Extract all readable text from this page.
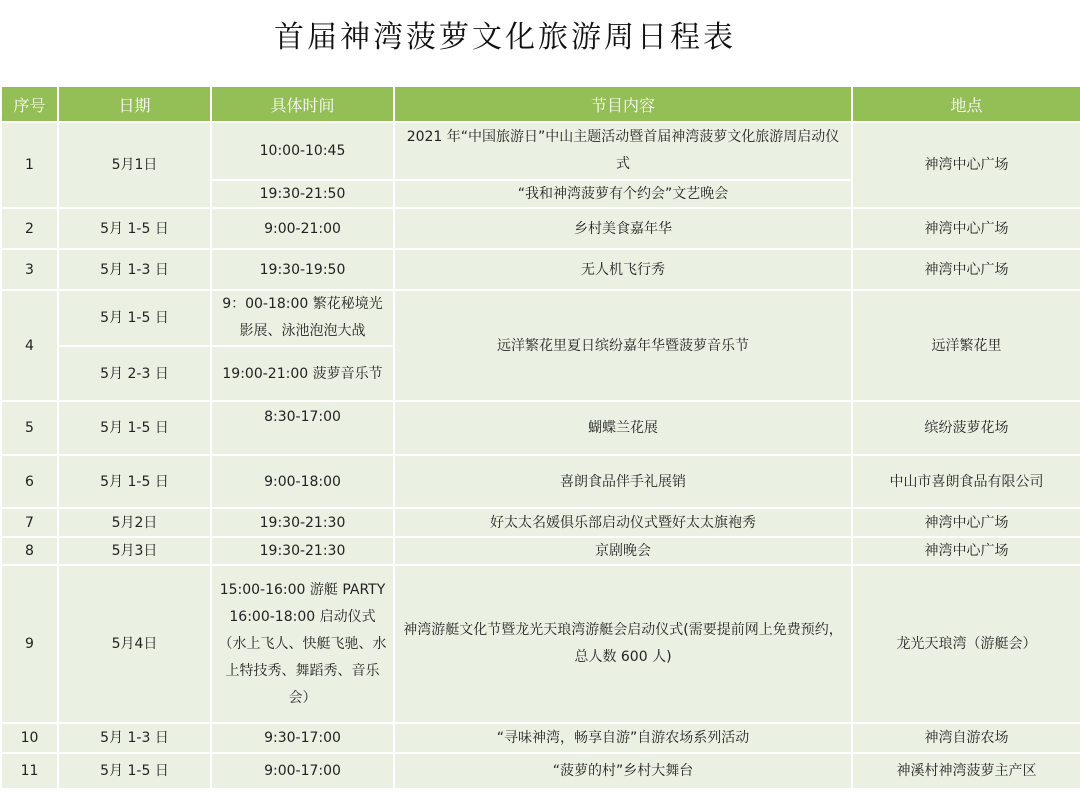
首届神湾菠萝文化旅游周日程表
序号	日期	具体时间	节目内容	地点
1	5月1日	10:00-10:45	2021 年“中国旅游日”中山主题活动暨首届神湾菠萝文化旅游周启动仪式	神湾中心广场
		19:30-21:50	“我和神湾菠萝有个约会”文艺晚会	
2	5月 1-5 日	9:00-21:00	乡村美食嘉年华	神湾中心广场
3	5月 1-3 日	19:30-19:50	无人机飞行秀	神湾中心广场
4	5月 1-5 日	9：00-18:00 繁花秘境光影展、泳池泡泡大战	远洋繁花里夏日缤纷嘉年华暨菠萝音乐节	远洋繁花里
	5月 2-3 日	19:00-21:00 菠萝音乐节		
5	5月 1-5 日	8:30-17:00	蝴蝶兰花展	缤纷菠萝花场
6	5月 1-5 日	9:00-18:00	喜朗食品伴手礼展销	中山市喜朗食品有限公司
7	5月2日	19:30-21:30	好太太名媛俱乐部启动仪式暨好太太旗袍秀	神湾中心广场
8	5月3日	19:30-21:30	京剧晚会	神湾中心广场
9	5月4日	15:00-16:00 游艇 PARTY 16:00-18:00 启动仪式（水上飞人、快艇飞驰、水上特技秀、舞蹈秀、音乐会）	神湾游艇文化节暨龙光天琅湾游艇会启动仪式(需要提前网上免费预约，总人数 600 人)	龙光天琅湾（游艇会）
10	5月 1-3 日	9:30-17:00	“寻味神湾，畅享自游”自游农场系列活动	神湾自游农场
11	5月 1-5 日	9:00-17:00	“菠萝的村”乡村大舞台	神溪村神湾菠萝主产区
